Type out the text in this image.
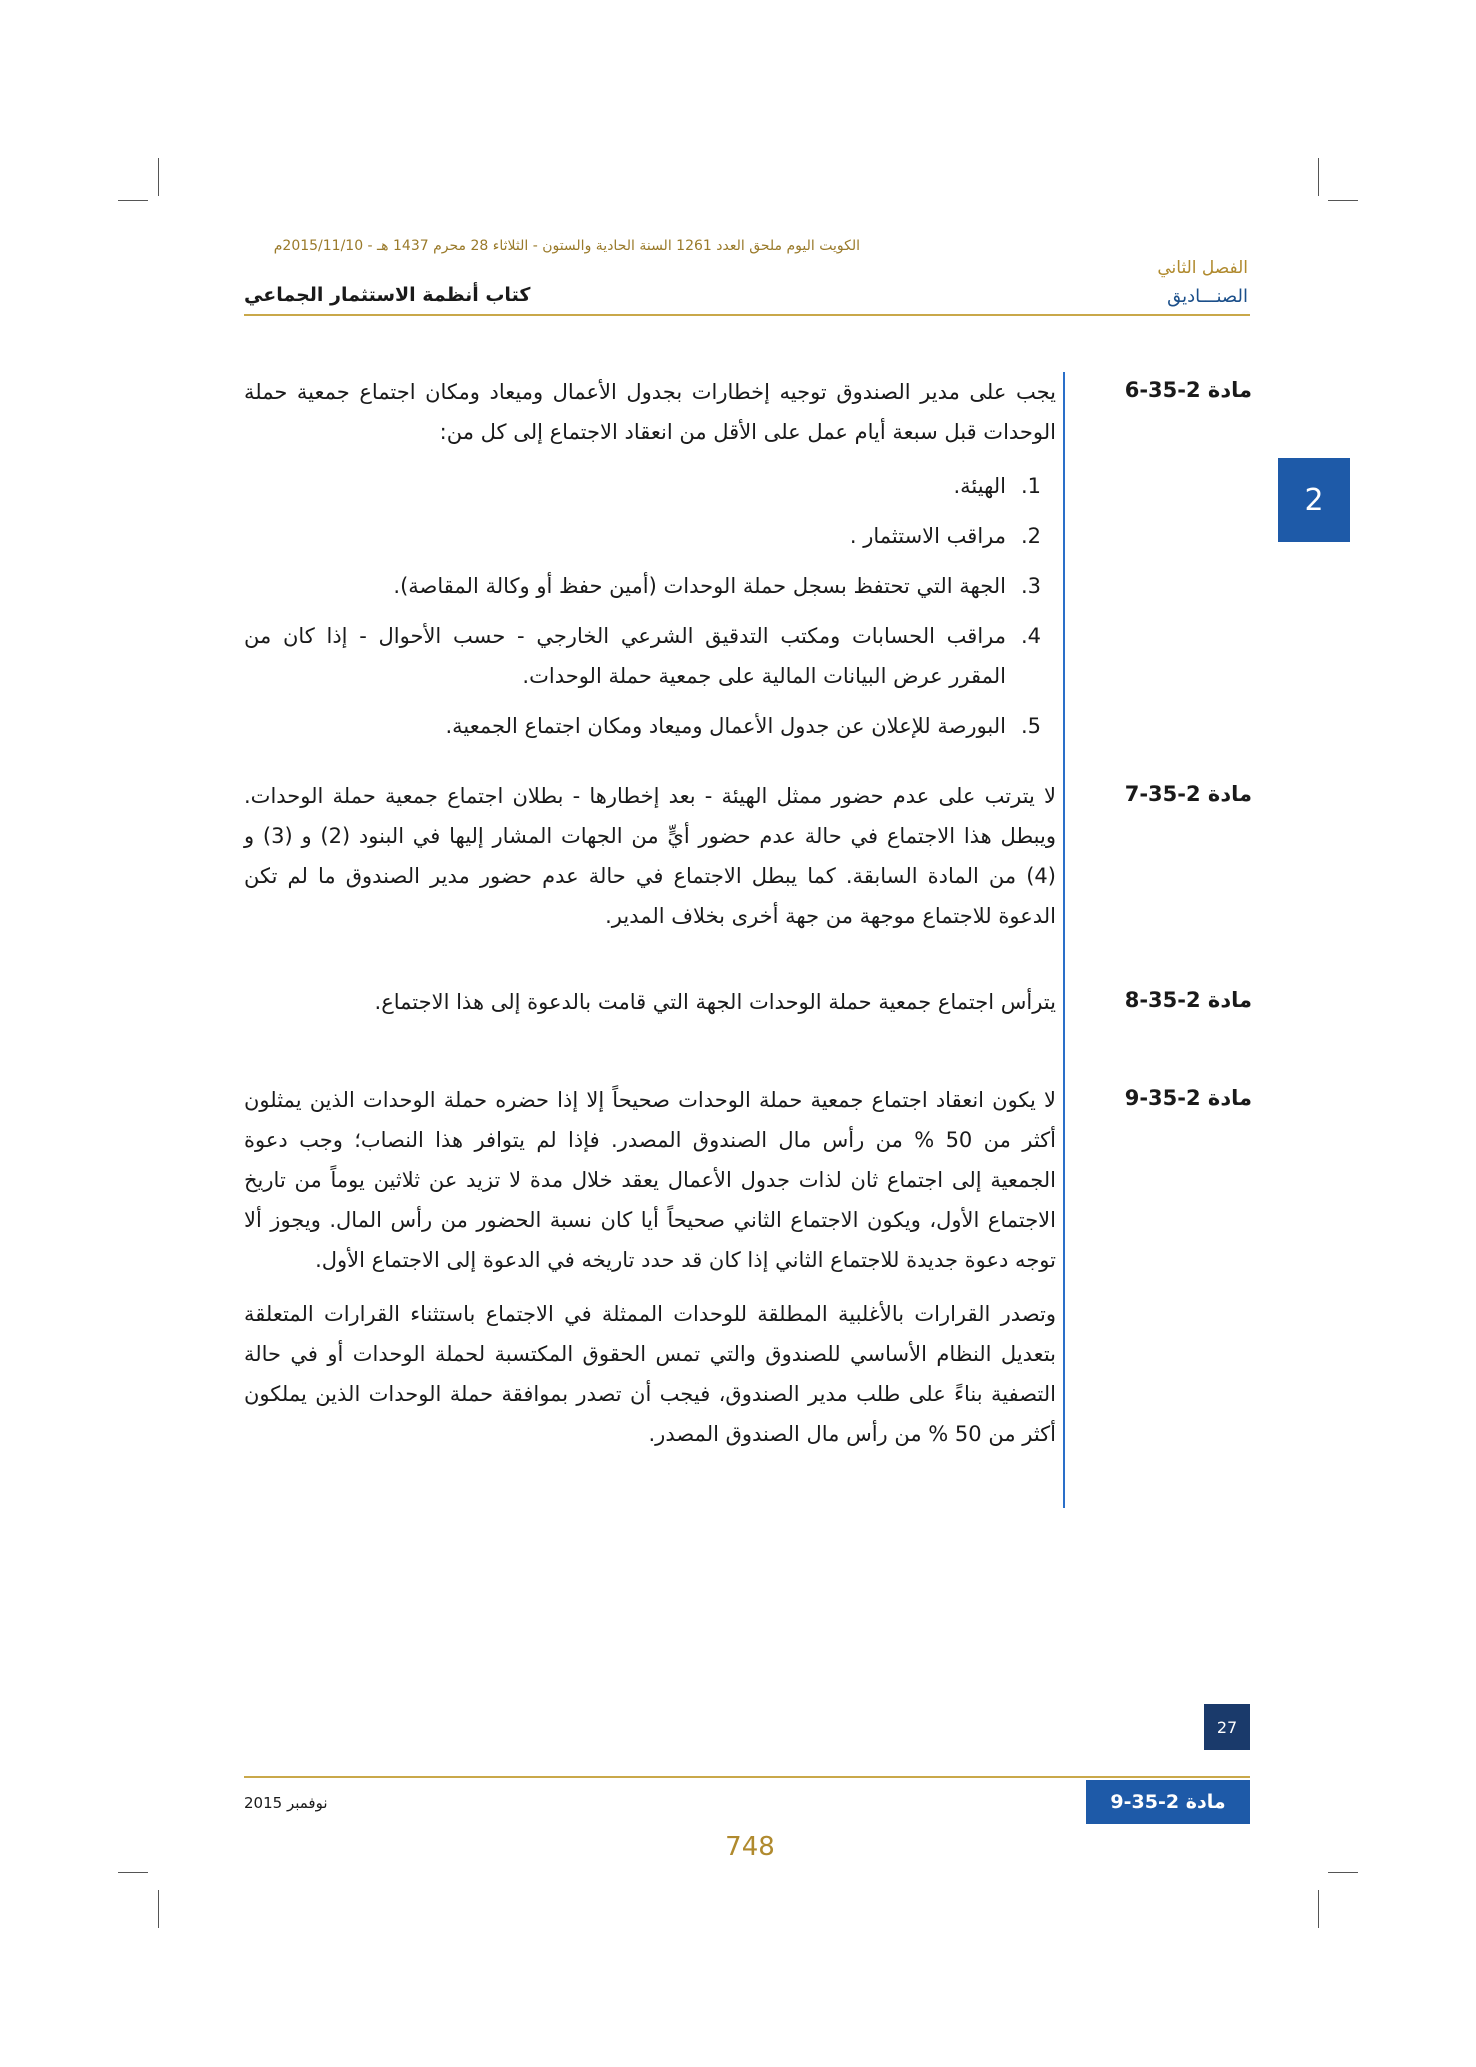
الكويت اليوم ملحق العدد 1261 السنة الحادية والستون - الثلاثاء 28 محرم 1437 هـ - 2015/11/10م
الفصل الثاني
الصنـــاديق
كتاب أنظمة الاستثمار الجماعي
2
مادة 2-35-6

يجب على مدير الصندوق توجيه إخطارات بجدول الأعمال وميعاد ومكان اجتماع جمعية حملة الوحدات قبل سبعة أيام عمل على الأقل من انعقاد الاجتماع إلى كل من:

1.
الهيئة.
2.
مراقب الاستثمار .
3.
الجهة التي تحتفظ بسجل حملة الوحدات (أمين حفظ أو وكالة المقاصة).
4.
مراقب الحسابات ومكتب التدقيق الشرعي الخارجي - حسب الأحوال - إذا كان من المقرر عرض البيانات المالية على جمعية حملة الوحدات.
5.
البورصة للإعلان عن جدول الأعمال وميعاد ومكان اجتماع الجمعية.
مادة 2-35-7

لا يترتب على عدم حضور ممثل الهيئة - بعد إخطارها - بطلان اجتماع جمعية حملة الوحدات. ويبطل هذا الاجتماع في حالة عدم حضور أيٍّ من الجهات المشار إليها في البنود (2) و (3) و (4) من المادة السابقة. كما يبطل الاجتماع في حالة عدم حضور مدير الصندوق ما لم تكن الدعوة للاجتماع موجهة من جهة أخرى بخلاف المدير.

مادة 2-35-8

يترأس اجتماع جمعية حملة الوحدات الجهة التي قامت بالدعوة إلى هذا الاجتماع.

مادة 2-35-9

لا يكون انعقاد اجتماع جمعية حملة الوحدات صحيحاً إلا إذا حضره حملة الوحدات الذين يمثلون أكثر من 50 % من رأس مال الصندوق المصدر. فإذا لم يتوافر هذا النصاب؛ وجب دعوة الجمعية إلى اجتماع ثان لذات جدول الأعمال يعقد خلال مدة لا تزيد عن ثلاثين يوماً من تاريخ الاجتماع الأول، ويكون الاجتماع الثاني صحيحاً أيا كان نسبة الحضور من رأس المال. ويجوز ألا توجه دعوة جديدة للاجتماع الثاني إذا كان قد حدد تاريخه في الدعوة إلى الاجتماع الأول.

وتصدر القرارات بالأغلبية المطلقة للوحدات الممثلة في الاجتماع باستثناء القرارات المتعلقة بتعديل النظام الأساسي للصندوق والتي تمس الحقوق المكتسبة لحملة الوحدات أو في حالة التصفية بناءً على طلب مدير الصندوق، فيجب أن تصدر بموافقة حملة الوحدات الذين يملكون أكثر من 50 % من رأس مال الصندوق المصدر.

27
نوفمبر 2015	مادة 2-35-9
748
